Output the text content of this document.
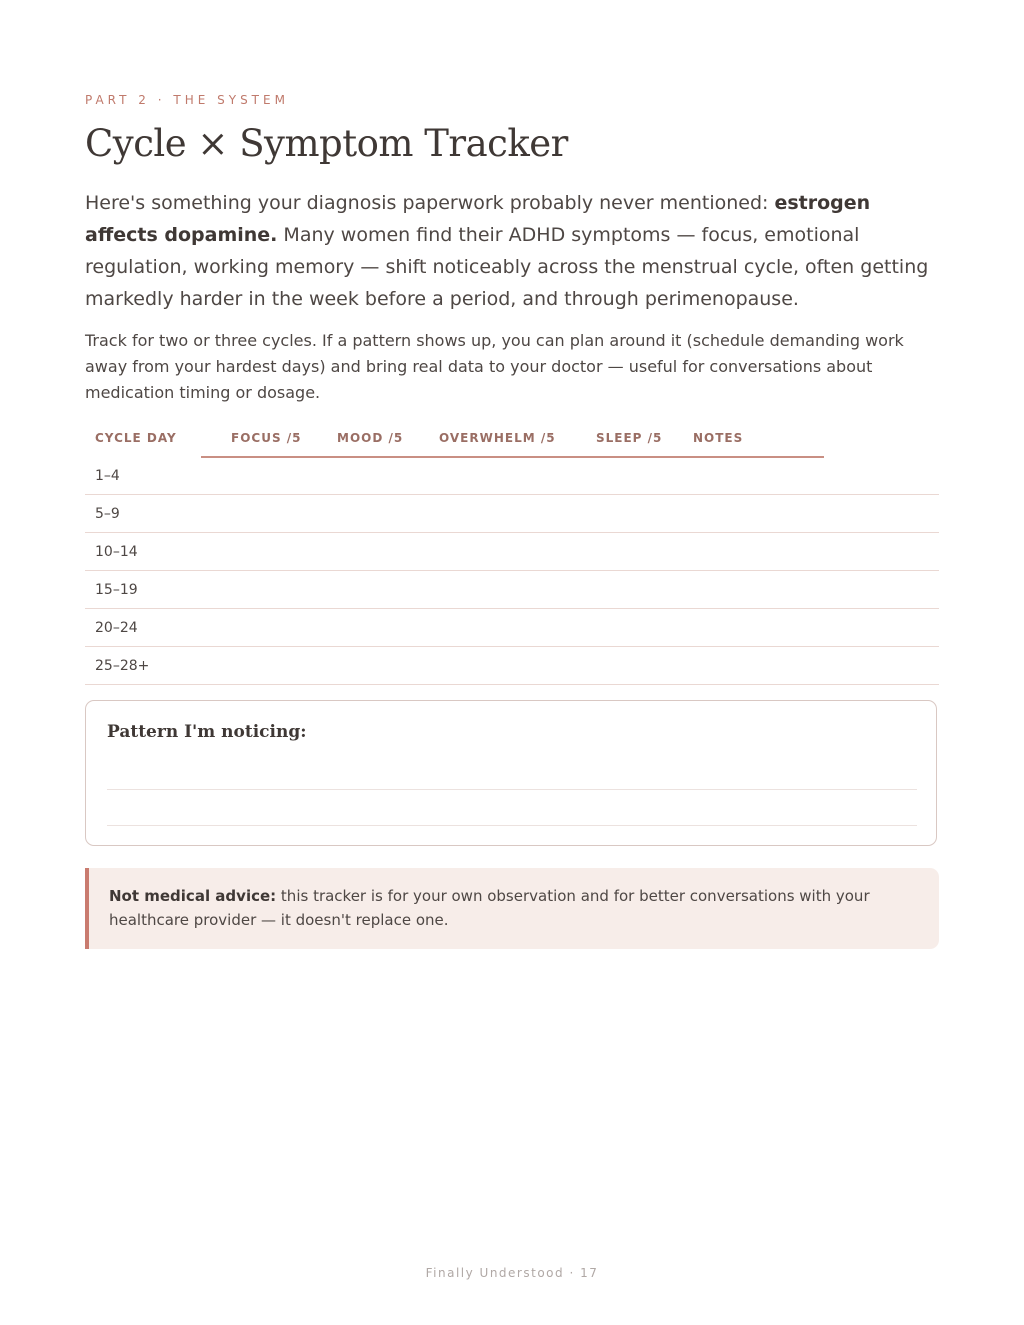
PART 2 · THE SYSTEM

Cycle × Symptom Tracker

Here's something your diagnosis paperwork probably never mentioned: estrogen affects dopamine. Many women find their ADHD symptoms — focus, emotional regulation, working memory — shift noticeably across the menstrual cycle, often getting markedly harder in the week before a period, and through perimenopause.

Track for two or three cycles. If a pattern shows up, you can plan around it (schedule demanding work away from your hardest days) and bring real data to your doctor — useful for conversations about medication timing or dosage.

CYCLE DAY	FOCUS /5	MOOD /5	OVERWHELM /5	SLEEP /5	NOTES
1–4
5–9
10–14
15–19
20–24
25–28+
Pattern I'm noticing:

Not medical advice: this tracker is for your own observation and for better conversations with your healthcare provider — it doesn't replace one.

Finally Understood · 17
